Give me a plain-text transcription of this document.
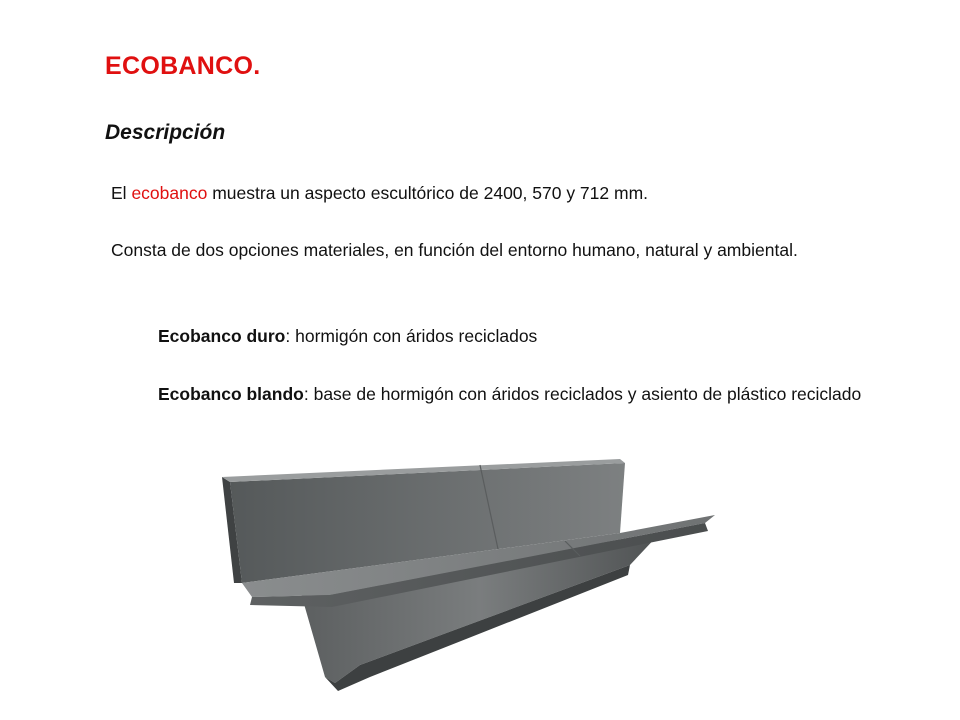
ECOBANCO.
Descripción

El ecobanco muestra un aspecto escultórico de 2400, 570 y 712 mm.

Consta de dos opciones materiales, en función del entorno humano, natural y ambiental.

Ecobanco duro: hormigón con áridos reciclados

Ecobanco blando: base de hormigón con áridos reciclados y asiento de plástico reciclado
